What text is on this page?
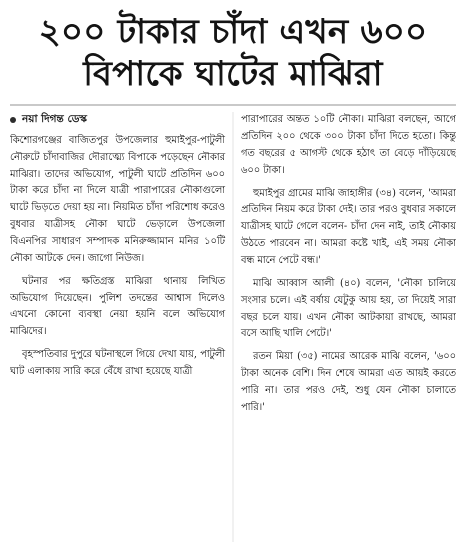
২০০ টাকার চাঁদা এখন ৬০০
বিপাকে ঘাটের মাঝিরা
নয়া দিগন্ত ডেস্ক

কিশোরগঞ্জের বাজিতপুর উপজেলার হুমাইপুর-পাটুলী নৌরুটে চাঁদাবাজির দৌরাত্ম্যে বিপাকে পড়েছেন নৌকার মাঝিরা। তাদের অভিযোগ, পাটুলী ঘাটে প্রতিদিন ৬০০ টাকা করে চাঁদা না দিলে যাত্রী পারাপারের নৌকাগুলো ঘাটে ভিড়তে দেয়া হয় না। নিয়মিত চাঁদা পরিশোধ করেও বুধবার যাত্রীসহ নৌকা ঘাটে ভেড়ালে উপজেলা বিএনপির সাধারণ সম্পাদক মনিরুজ্জামান মনির ১০টি নৌকা আটকে দেন। জাগো নিউজ।

ঘটনার পর ক্ষতিগ্রস্ত মাঝিরা থানায় লিখিত অভিযোগ দিয়েছেন। পুলিশ তদন্তের আশ্বাস দিলেও এখনো কোনো ব্যবস্থা নেয়া হয়নি বলে অভিযোগ মাঝিদের।

বৃহস্পতিবার দুপুরে ঘটনাস্থলে গিয়ে দেখা যায়, পাটুলী ঘাট এলাকায় সারি করে বেঁধে রাখা হয়েছে যাত্রী

পারাপারের অন্তত ১০টি নৌকা। মাঝিরা বলছেন, আগে প্রতিদিন ২০০ থেকে ৩০০ টাকা চাঁদা দিতে হতো। কিন্তু গত বছরের ৫ আগস্ট থেকে হঠাৎ তা বেড়ে দাঁড়িয়েছে ৬০০ টাকা।

হুমাইপুর গ্রামের মাঝি জাহাঙ্গীর (৩৪) বলেন, 'আমরা প্রতিদিন নিয়ম করে টাকা দেই। তার পরও বুধবার সকালে যাত্রীসহ ঘাটে গেলে বলেন- চাঁদা দেন নাই, তাই নৌকায় উঠতে পারবেন না। আমরা কষ্টে খাই, এই সময় নৌকা বন্ধ মানে পেটে বন্ধ।'

মাঝি আব্বাস আলী (৪০) বলেন, 'নৌকা চালিয়ে সংসার চলে। এই বর্ষায় যেটুকু আয় হয়, তা দিয়েই সারা বছর চলে যায়। এখন নৌকা আটকায়া রাখছে, আমরা বসে আছি খালি পেটে।'

রতন মিয়া (৩৫) নামের আরেক মাঝি বলেন, '৬০০ টাকা অনেক বেশি। দিন শেষে আমরা এত আয়ই করতে পারি না। তার পরও দেই, শুধু যেন নৌকা চালাতে পারি।'
